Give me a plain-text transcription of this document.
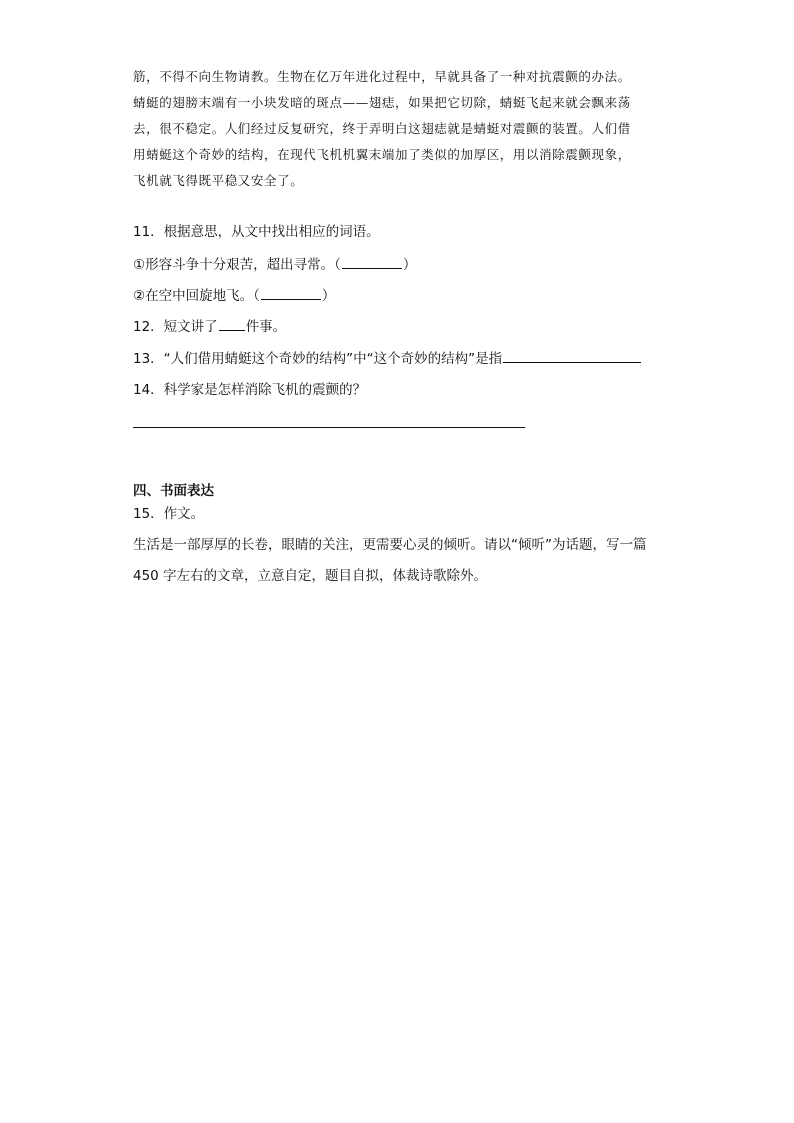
筋，不得不向生物请教。生物在亿万年进化过程中，早就具备了一种对抗震颤的办法。

蜻蜓的翅膀末端有一小块发暗的斑点——翅痣，如果把它切除，蜻蜓飞起来就会飘来荡

去，很不稳定。人们经过反复研究，终于弄明白这翅痣就是蜻蜓对震颤的装置。人们借

用蜻蜓这个奇妙的结构，在现代飞机机翼末端加了类似的加厚区，用以消除震颤现象，

飞机就飞得既平稳又安全了。

11．根据意思，从文中找出相应的词语。
①形容斗争十分艰苦，超出寻常。（	）
②在空中回旋地飞。（	）
12．短文讲了 件事。
13．“人们借用蜻蜓这个奇妙的结构”中“这个奇妙的结构”是指
14．科学家是怎样消除飞机的震颤的？
四、书面表达
15．作文。
生活是一部厚厚的长卷，眼睛的关注，更需要心灵的倾听。请以“倾听”为话题，写一篇
450 字左右的文章，立意自定，题目自拟，体裁诗歌除外。
